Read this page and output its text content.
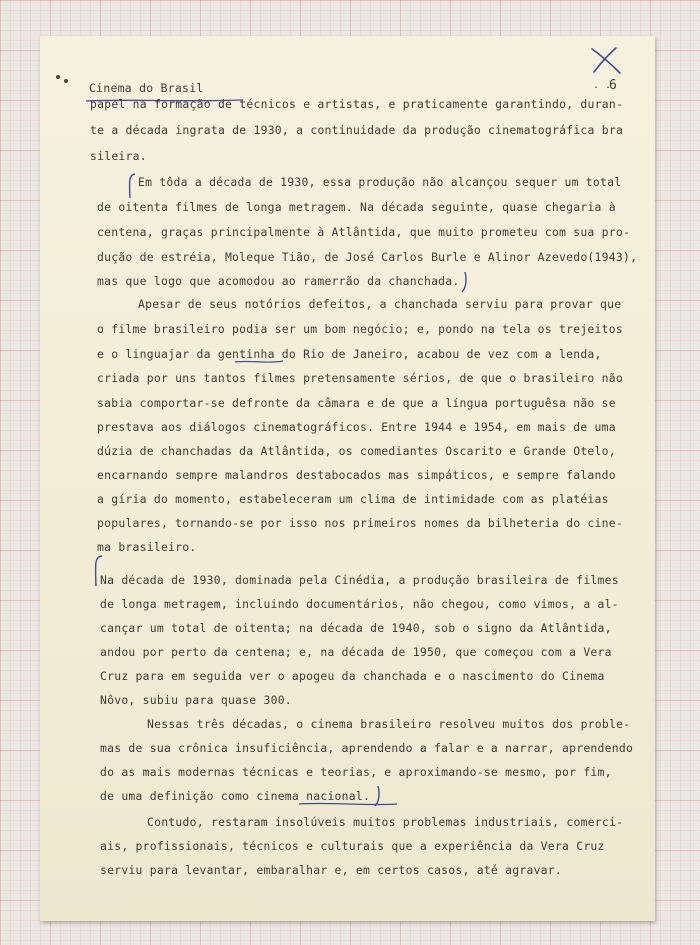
. .
6

Cinema do Brasil

papel na formação de técnicos e artistas, e praticamente garantindo, duran-

te a década ingrata de 1930, a continuidade da produção cinematográfica bra

sileira.

Em tôda a década de 1930, essa produção não alcançou sequer um total

de oitenta filmes de longa metragem. Na década seguinte, quase chegaria à

centena, graças principalmente à Atlântida, que muito prometeu com sua pro-

dução de estréia, Moleque Tião, de José Carlos Burle e Alinor Azevedo(1943),

mas que logo que acomodou ao ramerrão da chanchada.

Apesar de seus notórios defeitos, a chanchada serviu para provar que

o filme brasileiro podia ser um bom negócio; e, pondo na tela os trejeitos

e o linguajar da gentinha do Rio de Janeiro, acabou de vez com a lenda,

criada por uns tantos filmes pretensamente sérios, de que o brasileiro não

sabia comportar-se defronte da câmara e de que a língua portuguêsa não se

prestava aos diálogos cinematográficos. Entre 1944 e 1954, em mais de uma

dúzia de chanchadas da Atlântida, os comediantes Oscarito e Grande Otelo,

encarnando sempre malandros destabocados mas simpáticos, e sempre falando

a gíria do momento, estabeleceram um clima de intimidade com as platéias

populares, tornando-se por isso nos primeiros nomes da bilheteria do cine-

ma brasileiro.

Na década de 1930, dominada pela Cinédia, a produção brasileira de filmes

de longa metragem, incluindo documentários, não chegou, como vimos, a al-

cançar um total de oitenta; na década de 1940, sob o signo da Atlântida,

andou por perto da centena; e, na década de 1950, que começou com a Vera

Cruz para em seguida ver o apogeu da chanchada e o nascimento do Cinema

Nôvo, subiu para quase 300.

Nessas três décadas, o cinema brasileiro resolveu muitos dos proble-

mas de sua crônica insuficiência, aprendendo a falar e a narrar, aprendendo

do as mais modernas técnicas e teorias, e aproximando-se mesmo, por fim,

de uma definição como cinema nacional.

Contudo, restaram insolúveis muitos problemas industriais, comerci-

ais, profissionais, técnicos e culturais que a experiência da Vera Cruz

serviu para levantar, embaralhar e, em certos casos, até agravar.
